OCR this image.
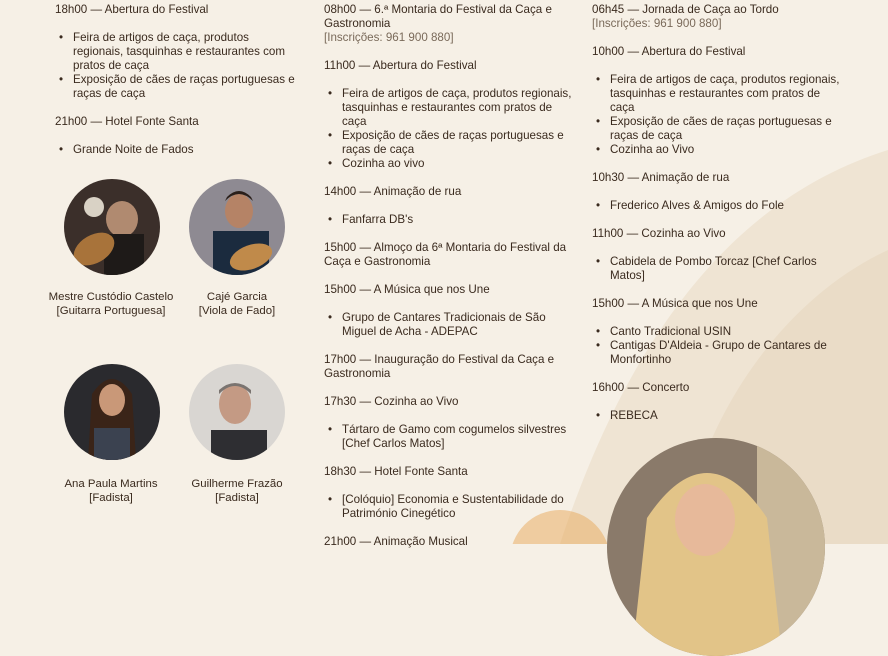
18h00 — Abertura do Festival
• Feira de artigos de caça, produtos regionais, tasquinhas e restaurantes com pratos de caça
• Exposição de cães de raças portuguesas e raças de caça
21h00 — Hotel Fonte Santa
• Grande Noite de Fados
Mestre Custódio Castelo
[Guitarra Portuguesa]
Cajé Garcia
[Viola de Fado]
Ana Paula Martins
[Fadista]
Guilherme Frazão
[Fadista]
08h00 — 6.ª Montaria do Festival da Caça e Gastronomia
[Inscrições: 961 900 880]
11h00 — Abertura do Festival
• Feira de artigos de caça, produtos regionais, tasquinhas e restaurantes com pratos de caça
• Exposição de cães de raças portuguesas e raças de caça
• Cozinha ao vivo
14h00 — Animação de rua
• Fanfarra DB's
15h00 — Almoço da 6ª Montaria do Festival da Caça e Gastronomia
15h00 — A Música que nos Une
• Grupo de Cantares Tradicionais de São Miguel de Acha - ADEPAC
17h00 — Inauguração do Festival da Caça e Gastronomia
17h30 — Cozinha ao Vivo
• Tártaro de Gamo com cogumelos silvestres [Chef Carlos Matos]
18h30 — Hotel Fonte Santa
• [Colóquio] Economia e Sustentabilidade do Património Cinegético
21h00 — Animação Musical
06h45 — Jornada de Caça ao Tordo
[Inscrições: 961 900 880]
10h00 — Abertura do Festival
• Feira de artigos de caça, produtos regionais, tasquinhas e restaurantes com pratos de caça
• Exposição de cães de raças portuguesas e raças de caça
• Cozinha ao Vivo
10h30 — Animação de rua
• Frederico Alves & Amigos do Fole
11h00 — Cozinha ao Vivo
• Cabidela de Pombo Torcaz [Chef Carlos Matos]
15h00 — A Música que nos Une
• Canto Tradicional USIN
• Cantigas D'Aldeia - Grupo de Cantares de Monfortinho
16h00 — Concerto
• REBECA
